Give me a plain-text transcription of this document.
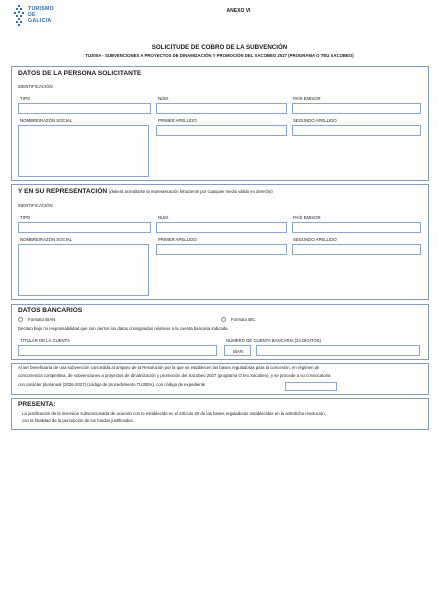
TURISMO
DE
GALICIA
ANEXO VI
SOLICITUDE DE COBRO DE LA SUBVENCIÓN
TU300A - SUBVENCIONES A PROYECTOS DE DINAMIZACIÓN Y PROMOCIÓN DEL XACOBEO 2027 (PROGRAMA O TEU XACOBEO)
DATOS DE LA PERSONA SOLICITANTE
IDENTIFICACIÓN
TIPO	NÚM.	PAÍS EMISOR
NOMBRE/RAZÓN SOCIAL	PRIMER APELLIDO	SEGUNDO APELLIDO
Y EN SU REPRESENTACIÓN (deberá acreditarse la representación fehaciente por cualquier medio válido en derecho)
IDENTIFICACIÓN
TIPO	NÚM.	PAÍS EMISOR
NOMBRE/RAZÓN SOCIAL	PRIMER APELLIDO	SEGUNDO APELLIDO
DATOS BANCARIOS
Formato IBAN	Formato BIC
Declaro bajo mi responsabilidad que son ciertos los datos consignados relativos a la cuenta bancaria indicada.
TITULAR DE LA CUENTA	NÚMERO DE CUENTA BANCARIA (24 DÍGITOS)
IBAN
Al ser beneficiaria de una subvención concedida al amparo de la Resolución por la que se establecen las bases reguladoras para la concesión, en régimen de
concurrencia competitiva, de subvenciones a proyectos de dinamización y promoción del Xacobeo 2027 (programa O teu Xacobeo), y se procede a su convocatoria
con carácter plurianual (2026-2027) (código de procedimiento TU300A), con código de expediente
PRESENTA:
La justificación de la inversión subvencionada de acuerdo con lo establecido en el artículo 20 de las bases reguladoras establecidas en la antedicha resolución,
con la finalidad de la percepción de los fondos justificados.
